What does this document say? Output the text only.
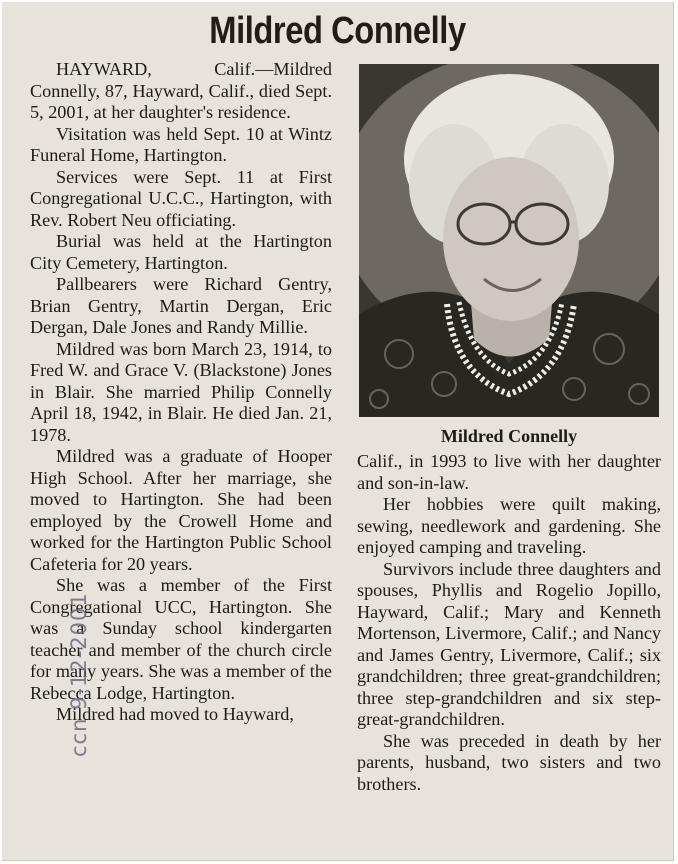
Mildred Connelly

HAYWARD, Calif.—Mildred Connelly, 87, Hayward, Calif., died Sept. 5, 2001, at her daughter's residence.

Visitation was held Sept. 10 at Wintz Funeral Home, Hartington.

Services were Sept. 11 at First Congregational U.C.C., Hartington, with Rev. Robert Neu officiating.

Burial was held at the Hartington City Cemetery, Hartington.

Pallbearers were Richard Gentry, Brian Gentry, Martin Dergan, Eric Dergan, Dale Jones and Randy Millie.

Mildred was born March 23, 1914, to Fred W. and Grace V. (Blackstone) Jones in Blair. She married Philip Connelly April 18, 1942, in Blair. He died Jan. 21, 1978.

Mildred was a graduate of Hooper High School. After her marriage, she moved to Hartington. She had been employed by the Crowell Home and worked for the Hartington Public School Cafeteria for 20 years.

She was a member of the First Congregational UCC, Hartington. She was a Sunday school kindergarten teacher and member of the church circle for many years. She was a member of the Rebecca Lodge, Hartington.

Mildred had moved to Hayward,

Mildred Connelly

Calif., in 1993 to live with her daughter and son-in-law.

Her hobbies were quilt making, sewing, needlework and gardening. She enjoyed camping and traveling.

Survivors include three daughters and spouses, Phyllis and Rogelio Jopillo, Hayward, Calif.; Mary and Kenneth Mortenson, Livermore, Calif.; and Nancy and James Gentry, Livermore, Calif.; six grandchildren; three great-grandchildren; three step-grandchildren and six step-great-grandchildren.

She was preceded in death by her parents, husband, two sisters and two brothers.

ccn 9-12-2001
